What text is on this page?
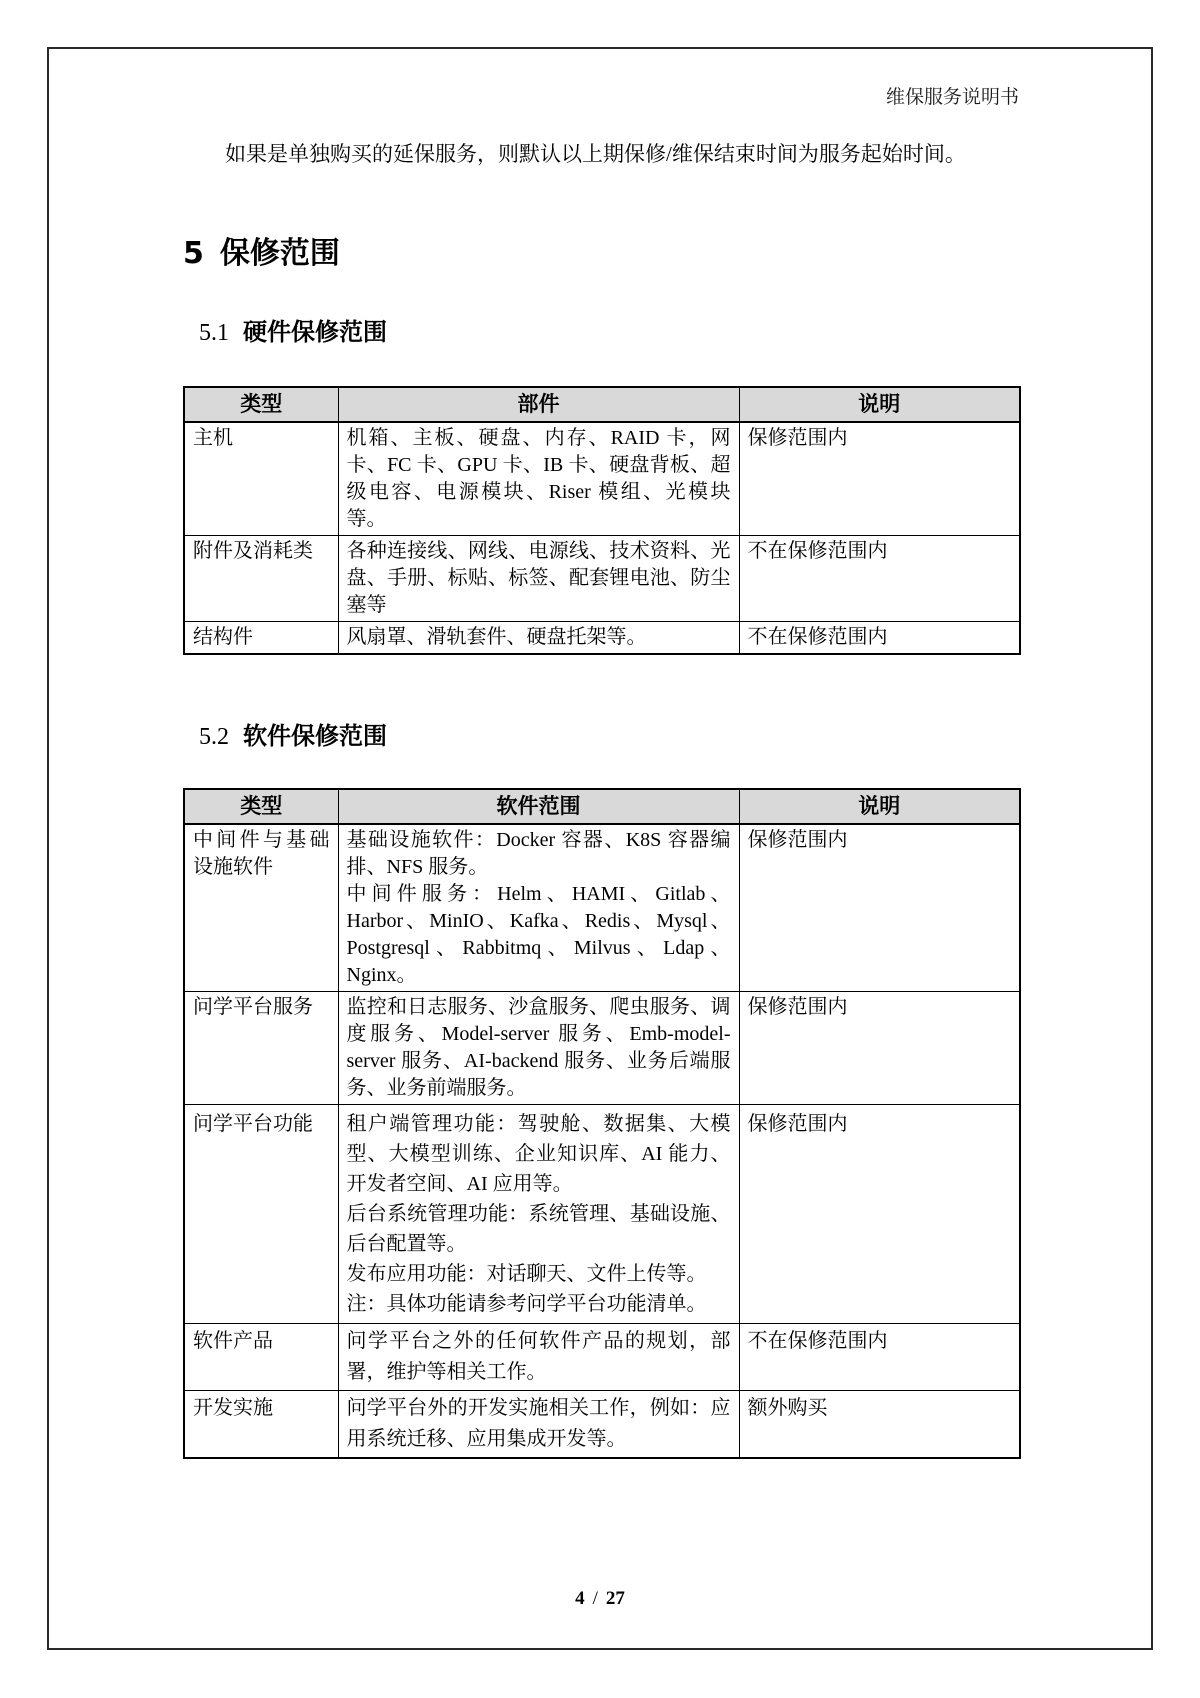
维保服务说明书

如果是单独购买的延保服务，则默认以上期保修/维保结束时间为服务起始时间。

5 保修范围
5.1 硬件保修范围
类型	部件	说明
主机	机箱、主板、硬盘、内存、RAID 卡，网卡、FC 卡、GPU 卡、IB 卡、硬盘背板、超级电容、电源模块、Riser 模组、光模块等。	保修范围内
附件及消耗类	各种连接线、网线、电源线、技术资料、光盘、手册、标贴、标签、配套锂电池、防尘塞等	不在保修范围内
结构件	风扇罩、滑轨套件、硬盘托架等。	不在保修范围内
5.2 软件保修范围
类型	软件范围	说明
中间件与基础设施软件	基础设施软件：Docker 容器、K8S 容器编排、NFS 服务。
中间件服务：Helm、HAMI、Gitlab、Harbor、MinIO、Kafka、Redis、Mysql、Postgresql、Rabbitmq、Milvus、Ldap、Nginx。	保修范围内
问学平台服务	监控和日志服务、沙盒服务、爬虫服务、调度服务、Model-server 服务、Emb-model-server 服务、AI-backend 服务、业务后端服务、业务前端服务。	保修范围内
问学平台功能	租户端管理功能：驾驶舱、数据集、大模型、大模型训练、企业知识库、AI 能力、开发者空间、AI 应用等。
后台系统管理功能：系统管理、基础设施、后台配置等。
发布应用功能：对话聊天、文件上传等。
注：具体功能请参考问学平台功能清单。	保修范围内
软件产品	问学平台之外的任何软件产品的规划，部署，维护等相关工作。	不在保修范围内
开发实施	问学平台外的开发实施相关工作，例如：应用系统迁移、应用集成开发等。	额外购买
4 / 27
